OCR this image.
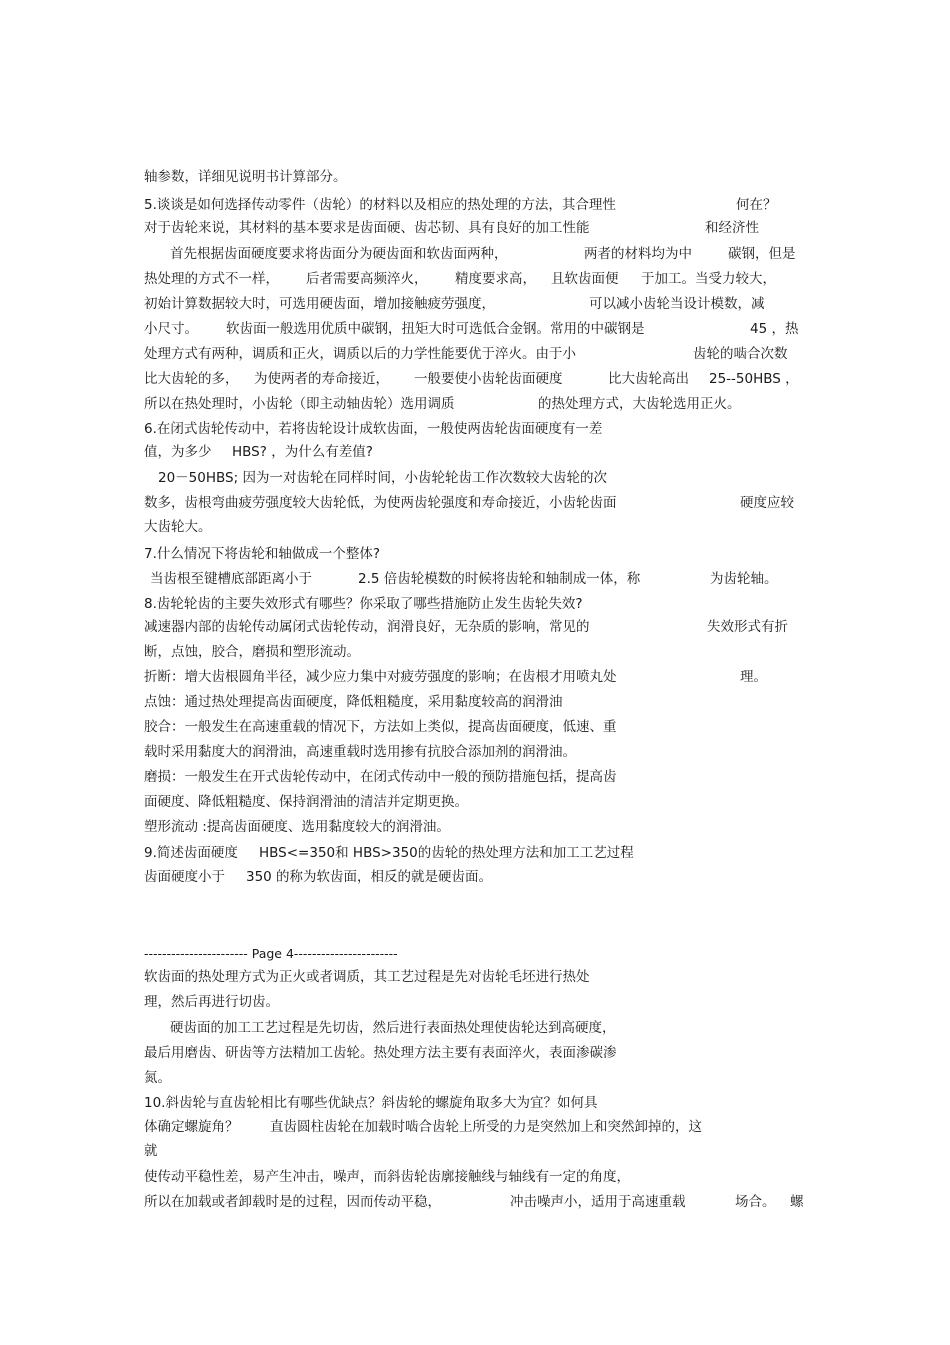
轴参数，详细见说明书计算部分。
5.谈谈是如何选择传动零件（齿轮）的材料以及相应的热处理的方法，其合理性	何在？
对于齿轮来说，其材料的基本要求是齿面硬、齿芯韧、具有良好的加工性能	和经济性
首先根据齿面硬度要求将齿面分为硬齿面和软齿面两种，	两者的材料均为中	碳钢，但是
热处理的方式不一样， 后者需要高频淬火， 精度要求高， 且软齿面便 于加工。当受力较大，
初始计算数据较大时，可选用硬齿面，增加接触疲劳强度，	可以减小齿轮当设计模数，减
小尺寸。 软齿面一般选用优质中碳钢，扭矩大时可选低合金钢。常用的中碳钢是	45 ，热
处理方式有两种，调质和正火，调质以后的力学性能要优于淬火。由于小	齿轮的啮合次数
比大齿轮的多， 为使两者的寿命接近， 一般要使小齿轮齿面硬度	比大齿轮高出 25--50HBS ，
所以在热处理时，小齿轮（即主动轴齿轮）选用调质	的热处理方式，大齿轮选用正火。
6.在闭式齿轮传动中，若将齿轮设计成软齿面，一般使两齿轮齿面硬度有一差
值，为多少 HBS? ，为什么有差值?
20－50HBS; 因为一对齿轮在同样时间，小齿轮轮齿工作次数较大齿轮的次
数多，齿根弯曲疲劳强度较大齿轮低，为使两齿轮强度和寿命接近，小齿轮齿面	硬度应较
大齿轮大。
7.什么情况下将齿轮和轴做成一个整体?
当齿根至键槽底部距离小于	2.5 倍齿轮模数的时候将齿轮和轴制成一体，称	为齿轮轴。
8.齿轮轮齿的主要失效形式有哪些？你采取了哪些措施防止发生齿轮失效?
减速器内部的齿轮传动属闭式齿轮传动，润滑良好，无杂质的影响，常见的	失效形式有折
断，点蚀，胶合，磨损和塑形流动。
折断：增大齿根圆角半径，减少应力集中对疲劳强度的影响；在齿根才用喷丸处	理。
点蚀：通过热处理提高齿面硬度，降低粗糙度，采用黏度较高的润滑油
胶合：一般发生在高速重载的情况下，方法如上类似，提高齿面硬度，低速、重
载时采用黏度大的润滑油，高速重载时选用掺有抗胶合添加剂的润滑油。
磨损：一般发生在开式齿轮传动中，在闭式传动中一般的预防措施包括，提高齿
面硬度、降低粗糙度、保持润滑油的清洁并定期更换。
塑形流动 :提高齿面硬度、选用黏度较大的润滑油。
9.简述齿面硬度 HBS<=350和 HBS>350的齿轮的热处理方法和加工工艺过程
齿面硬度小于 350 的称为软齿面，相反的就是硬齿面。
----------------------- Page 4-----------------------
软齿面的热处理方式为正火或者调质，其工艺过程是先对齿轮毛坯进行热处
理，然后再进行切齿。
硬齿面的加工工艺过程是先切齿，然后进行表面热处理使齿轮达到高硬度，
最后用磨齿、研齿等方法精加工齿轮。热处理方法主要有表面淬火，表面渗碳渗
氮。
10.斜齿轮与直齿轮相比有哪些优缺点？斜齿轮的螺旋角取多大为宜？如何具
体确定螺旋角？ 直齿圆柱齿轮在加载时啮合齿轮上所受的力是突然加上和突然卸掉的，这
就
使传动平稳性差，易产生冲击，噪声，而斜齿轮齿廓接触线与轴线有一定的角度，
所以在加载或者卸载时是的过程，因而传动平稳，	冲击噪声小，适用于高速重载	场合。 螺
